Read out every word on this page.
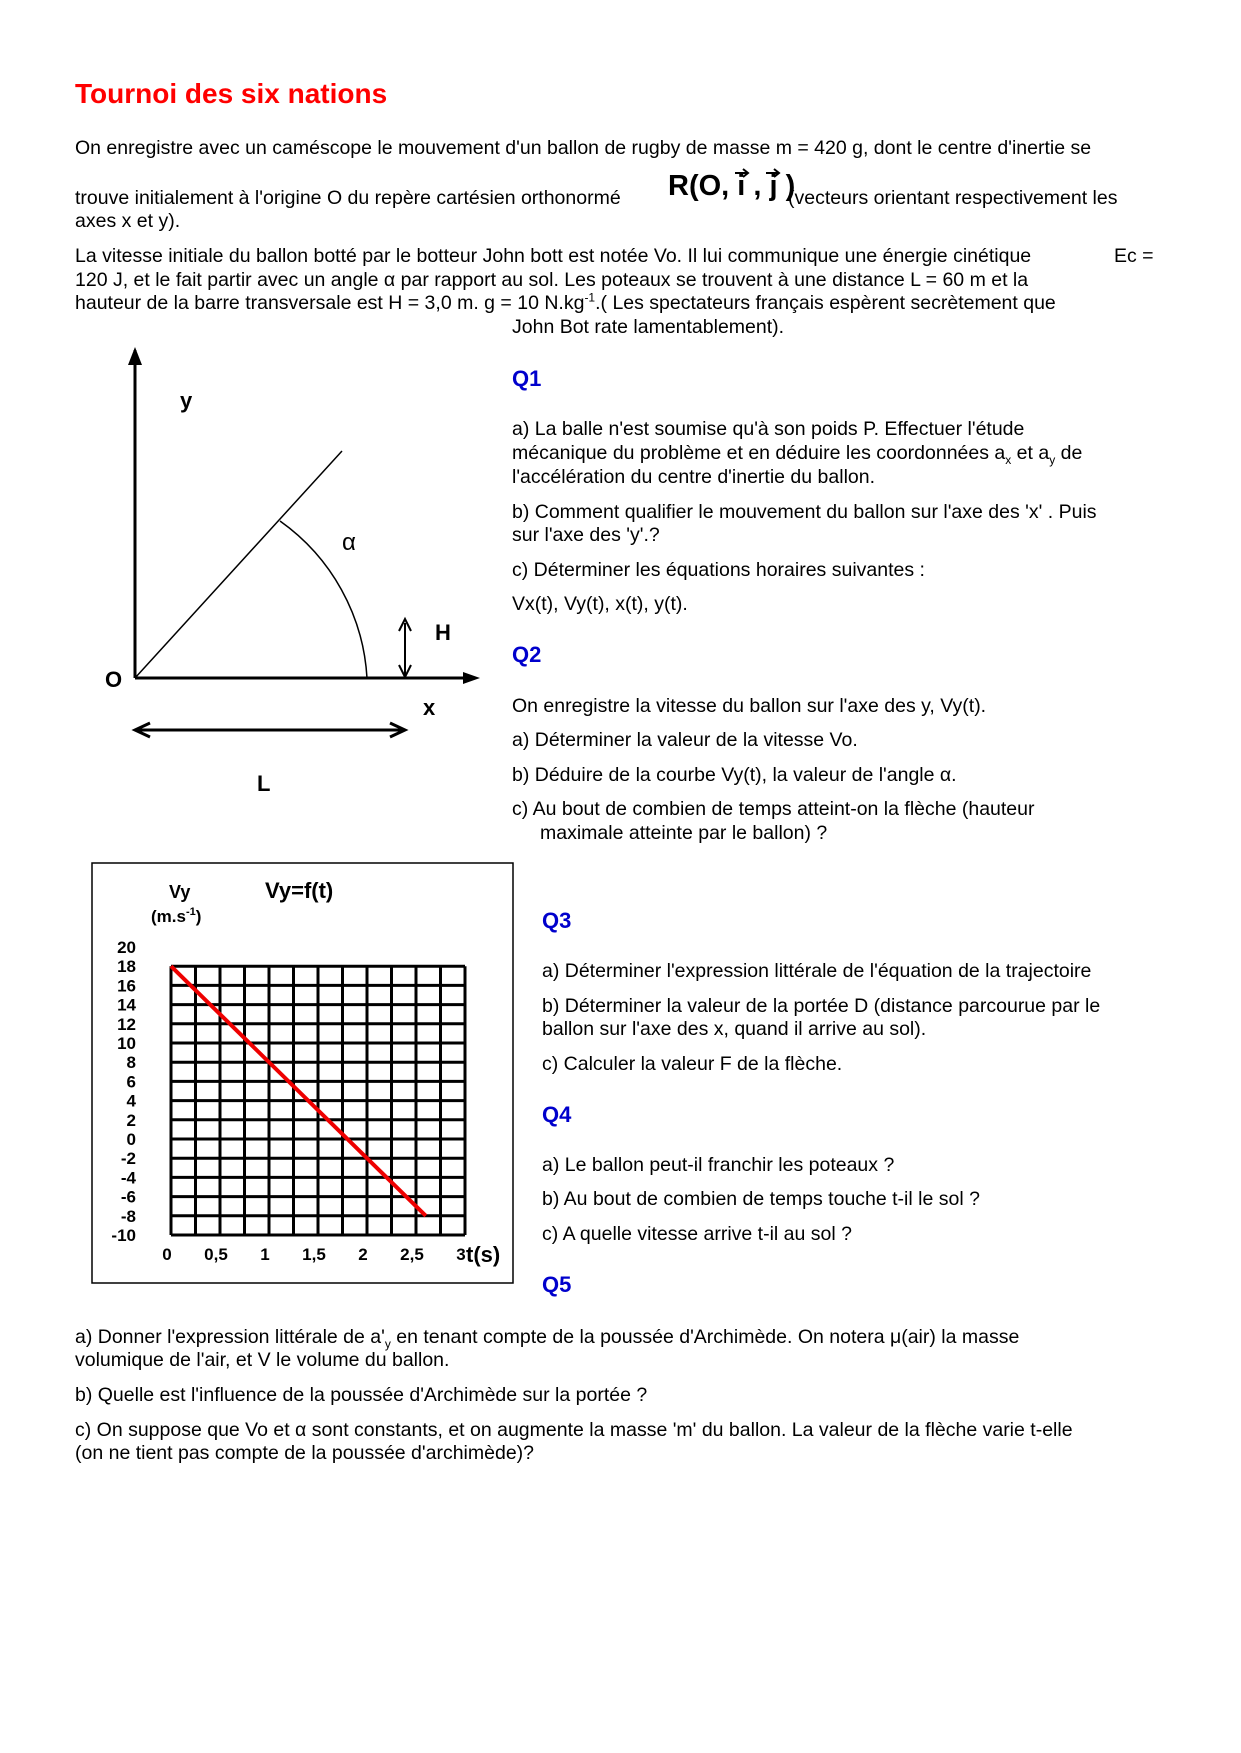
Tournoi des six nations
On enregistre avec un caméscope le mouvement d'un ballon de rugby de masse m = 420 g, dont le centre d'inertie se
trouve initialement à l'origine O du repère cartésien orthonormé R(O, i , j )
(vecteurs orientant respectivement les
axes x et y).
La vitesse initiale du ballon botté par le botteur John bott est notée Vo. Il lui communique une énergie cinétique	Ec =
120 J, et le fait partir avec un angle α par rapport au sol. Les poteaux se trouvent à une distance L = 60 m et la
hauteur de la barre transversale est H = 3,0 m. g = 10 $N.kg^{-1}$.( Les spectateurs français espèrent secrètement que
John Bot rate lamentablement).
y
x
O
α
H
L
Q1
a) La balle n'est soumise qu'à son poids P. Effectuer l'étude
mécanique du problème et en déduire les coordonnées $a_x$ et $a_y$ de
l'accélération du centre d'inertie du ballon.
b) Comment qualifier le mouvement du ballon sur l'axe des 'x' . Puis
sur l'axe des 'y'.?
c) Déterminer les équations horaires suivantes :
Vx(t), Vy(t), x(t), y(t).
Q2
On enregistre la vitesse du ballon sur l'axe des y, Vy(t).
a) Déterminer la valeur de la vitesse Vo.
b) Déduire de la courbe Vy(t), la valeur de l'angle α.
c) Au bout de combien de temps atteint-on la flèche (hauteur
maximale atteinte par le ballon) ?
Vy
$(m.s^{-1})$
Vy=f(t)
t(s)
20
18
16
14
12
10
8
6
4
2
0
-2
-4
-6
-8
-10
0 0,5 1 1,5 2 2,5 3
Q3
a) Déterminer l'expression littérale de l'équation de la trajectoire
b) Déterminer la valeur de la portée D (distance parcourue par le
ballon sur l'axe des x, quand il arrive au sol).
c) Calculer la valeur F de la flèche.
Q4
a) Le ballon peut-il franchir les poteaux ?
b) Au bout de combien de temps touche t-il le sol ?
c) A quelle vitesse arrive t-il au sol ?
Q5
a) Donner l'expression littérale de $a'_y$ en tenant compte de la poussée d'Archimède. On notera μ(air) la masse
volumique de l'air, et V le volume du ballon.
b) Quelle est l'influence de la poussée d'Archimède sur la portée ?
c) On suppose que Vo et α sont constants, et on augmente la masse 'm' du ballon. La valeur de la flèche varie t-elle
(on ne tient pas compte de la poussée d'archimède)?
